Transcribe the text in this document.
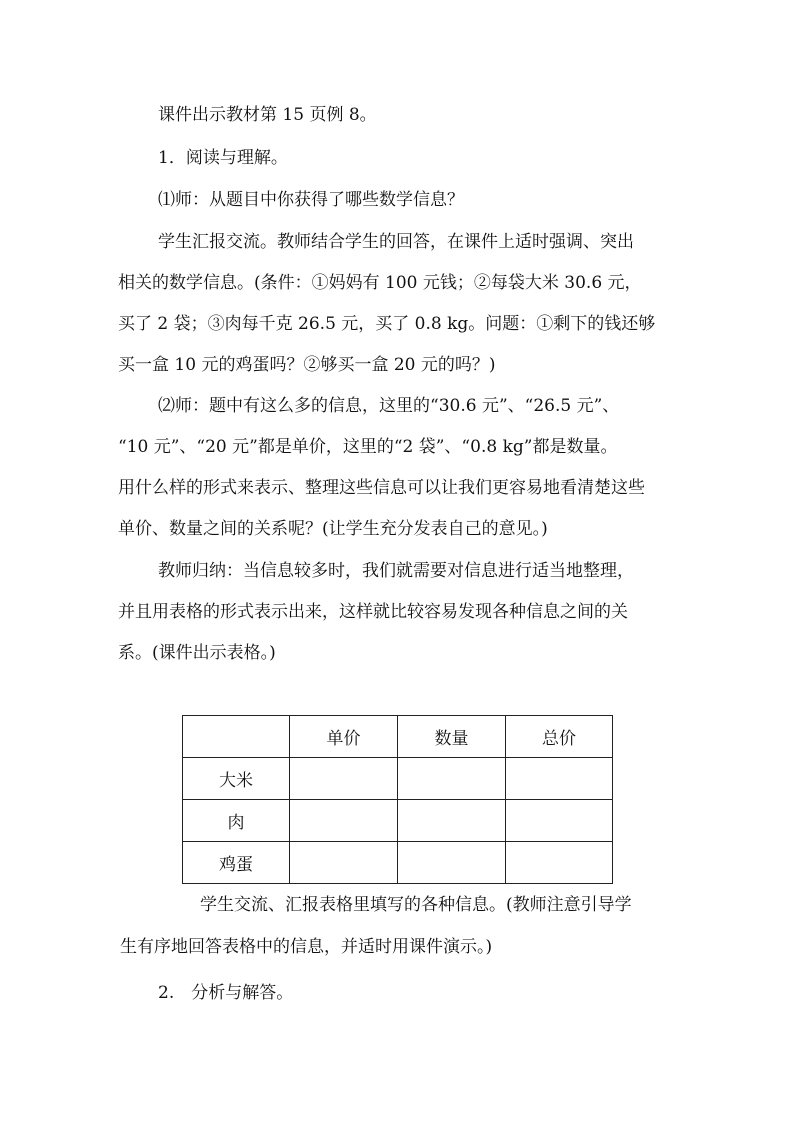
课件出示教材第 15 页例 8。
1．阅读与理解。
⑴师：从题目中你获得了哪些数学信息？
学生汇报交流。教师结合学生的回答，在课件上适时强调、突出
相关的数学信息。(条件：①妈妈有 100 元钱；②每袋大米 30.6 元，
买了 2 袋；③肉每千克 26.5 元，买了 0.8 kg。问题：①剩下的钱还够
买一盒 10 元的鸡蛋吗？②够买一盒 20 元的吗？)
⑵师：题中有这么多的信息，这里的“30.6 元”、“26.5 元”、
“10 元”、“20 元”都是单价，这里的“2 袋”、“0.8 kg”都是数量。
用什么样的形式来表示、整理这些信息可以让我们更容易地看清楚这些
单价、数量之间的关系呢？(让学生充分发表自己的意见。)
教师归纳：当信息较多时，我们就需要对信息进行适当地整理，
并且用表格的形式表示出来，这样就比较容易发现各种信息之间的关
系。(课件出示表格。)
	单价	数量	总价
大米			
肉			
鸡蛋			
学生交流、汇报表格里填写的各种信息。(教师注意引导学
生有序地回答表格中的信息，并适时用课件演示。)
2.　分析与解答。
